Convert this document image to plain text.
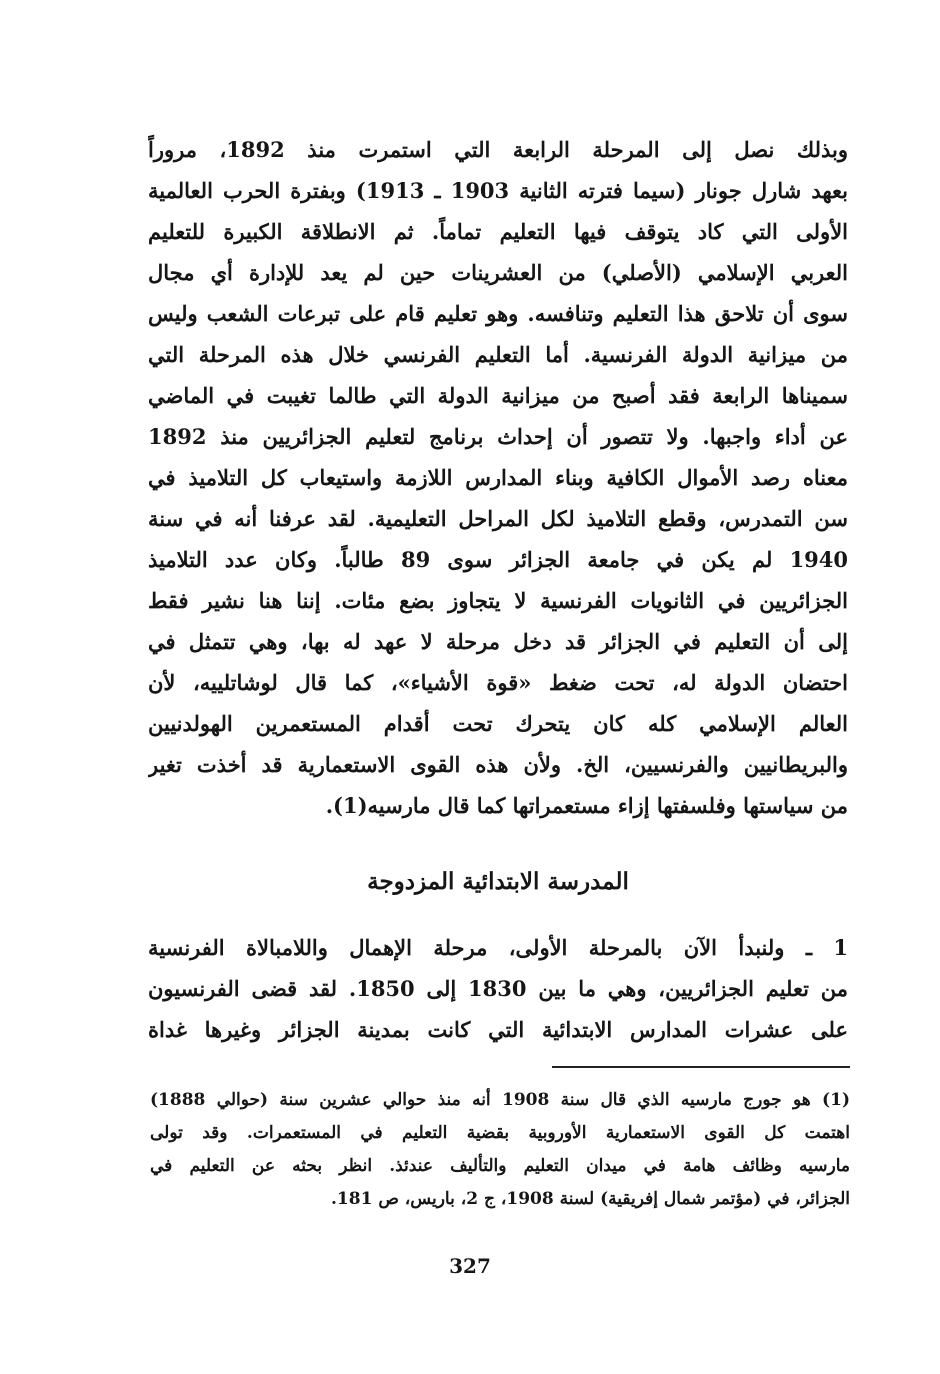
وبذلك نصل إلى المرحلة الرابعة التي استمرت منذ 1892، مروراً

بعهد شارل جونار (سيما فترته الثانية 1903 ـ 1913) وبفترة الحرب العالمية

الأولى التي كاد يتوقف فيها التعليم تماماً. ثم الانطلاقة الكبيرة للتعليم

العربي الإسلامي (الأصلي) من العشرينات حين لم يعد للإدارة أي مجال

سوى أن تلاحق هذا التعليم وتنافسه. وهو تعليم قام على تبرعات الشعب وليس

من ميزانية الدولة الفرنسية. أما التعليم الفرنسي خلال هذه المرحلة التي

سميناها الرابعة فقد أصبح من ميزانية الدولة التي طالما تغيبت في الماضي

عن أداء واجبها. ولا تتصور أن إحداث برنامج لتعليم الجزائريين منذ 1892

معناه رصد الأموال الكافية وبناء المدارس اللازمة واستيعاب كل التلاميذ في

سن التمدرس، وقطع التلاميذ لكل المراحل التعليمية. لقد عرفنا أنه في سنة

1940 لم يكن في جامعة الجزائر سوى 89 طالباً. وكان عدد التلاميذ

الجزائريين في الثانويات الفرنسية لا يتجاوز بضع مئات. إننا هنا نشير فقط

إلى أن التعليم في الجزائر قد دخل مرحلة لا عهد له بها، وهي تتمثل في

احتضان الدولة له، تحت ضغط «قوة الأشياء»، كما قال لوشاتلييه، لأن

العالم الإسلامي كله كان يتحرك تحت أقدام المستعمرين الهولدنيين

والبريطانيين والفرنسيين، الخ. ولأن هذه القوى الاستعمارية قد أخذت تغير

من سياستها وفلسفتها إزاء مستعمراتها كما قال مارسيه(1).

المدرسة الابتدائية المزدوجة

1 ـ ولنبدأ الآن بالمرحلة الأولى، مرحلة الإهمال واللامبالاة الفرنسية

من تعليم الجزائريين، وهي ما بين 1830 إلى 1850. لقد قضى الفرنسيون

على عشرات المدارس الابتدائية التي كانت بمدينة الجزائر وغيرها غداة

(1) هو جورج مارسيه الذي قال سنة 1908 أنه منذ حوالي عشرين سنة (حوالي 1888)

اهتمت كل القوى الاستعمارية الأوروبية بقضية التعليم في المستعمرات. وقد تولى

مارسيه وظائف هامة في ميدان التعليم والتأليف عندئذ. انظر بحثه عن التعليم في

الجزائر، في (مؤتمر شمال إفريقية) لسنة 1908، ج 2، باريس، ص 181.

327
